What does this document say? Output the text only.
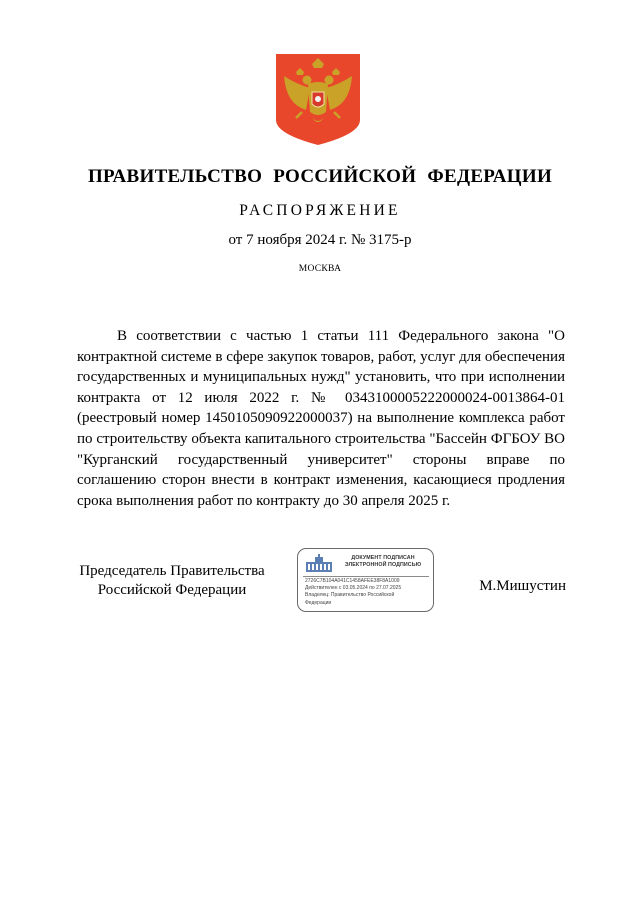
ПРАВИТЕЛЬСТВО РОССИЙСКОЙ ФЕДЕРАЦИИ
РАСПОРЯЖЕНИЕ
от 7 ноября 2024 г. № 3175-р
МОСКВА

В соответствии с частью 1 статьи 111 Федерального закона "О контрактной системе в сфере закупок товаров, работ, услуг для обеспечения государственных и муниципальных нужд" установить, что при исполнении контракта от 12 июля 2022 г. № 0343100005222000024-0013864-01 (реестровый номер 1450105090922000037) на выполнение комплекса работ по строительству объекта капитального строительства "Бассейн ФГБОУ ВО "Курганский государственный университет" стороны вправе по соглашению сторон внести в контракт изменения, касающиеся продления срока выполнения работ по контракту до 30 апреля 2025 г.

Председатель Правительства
Российской Федерации
ДОКУМЕНТ ПОДПИСАН
ЭЛЕКТРОННОЙ ПОДПИСЬЮ
2726C7B104A041C1458AFEE38F8A1009
Действителен с 03.05.2024 по 27.07.2025
Владелец: Правительство Российской
Федерации
М.Мишустин
